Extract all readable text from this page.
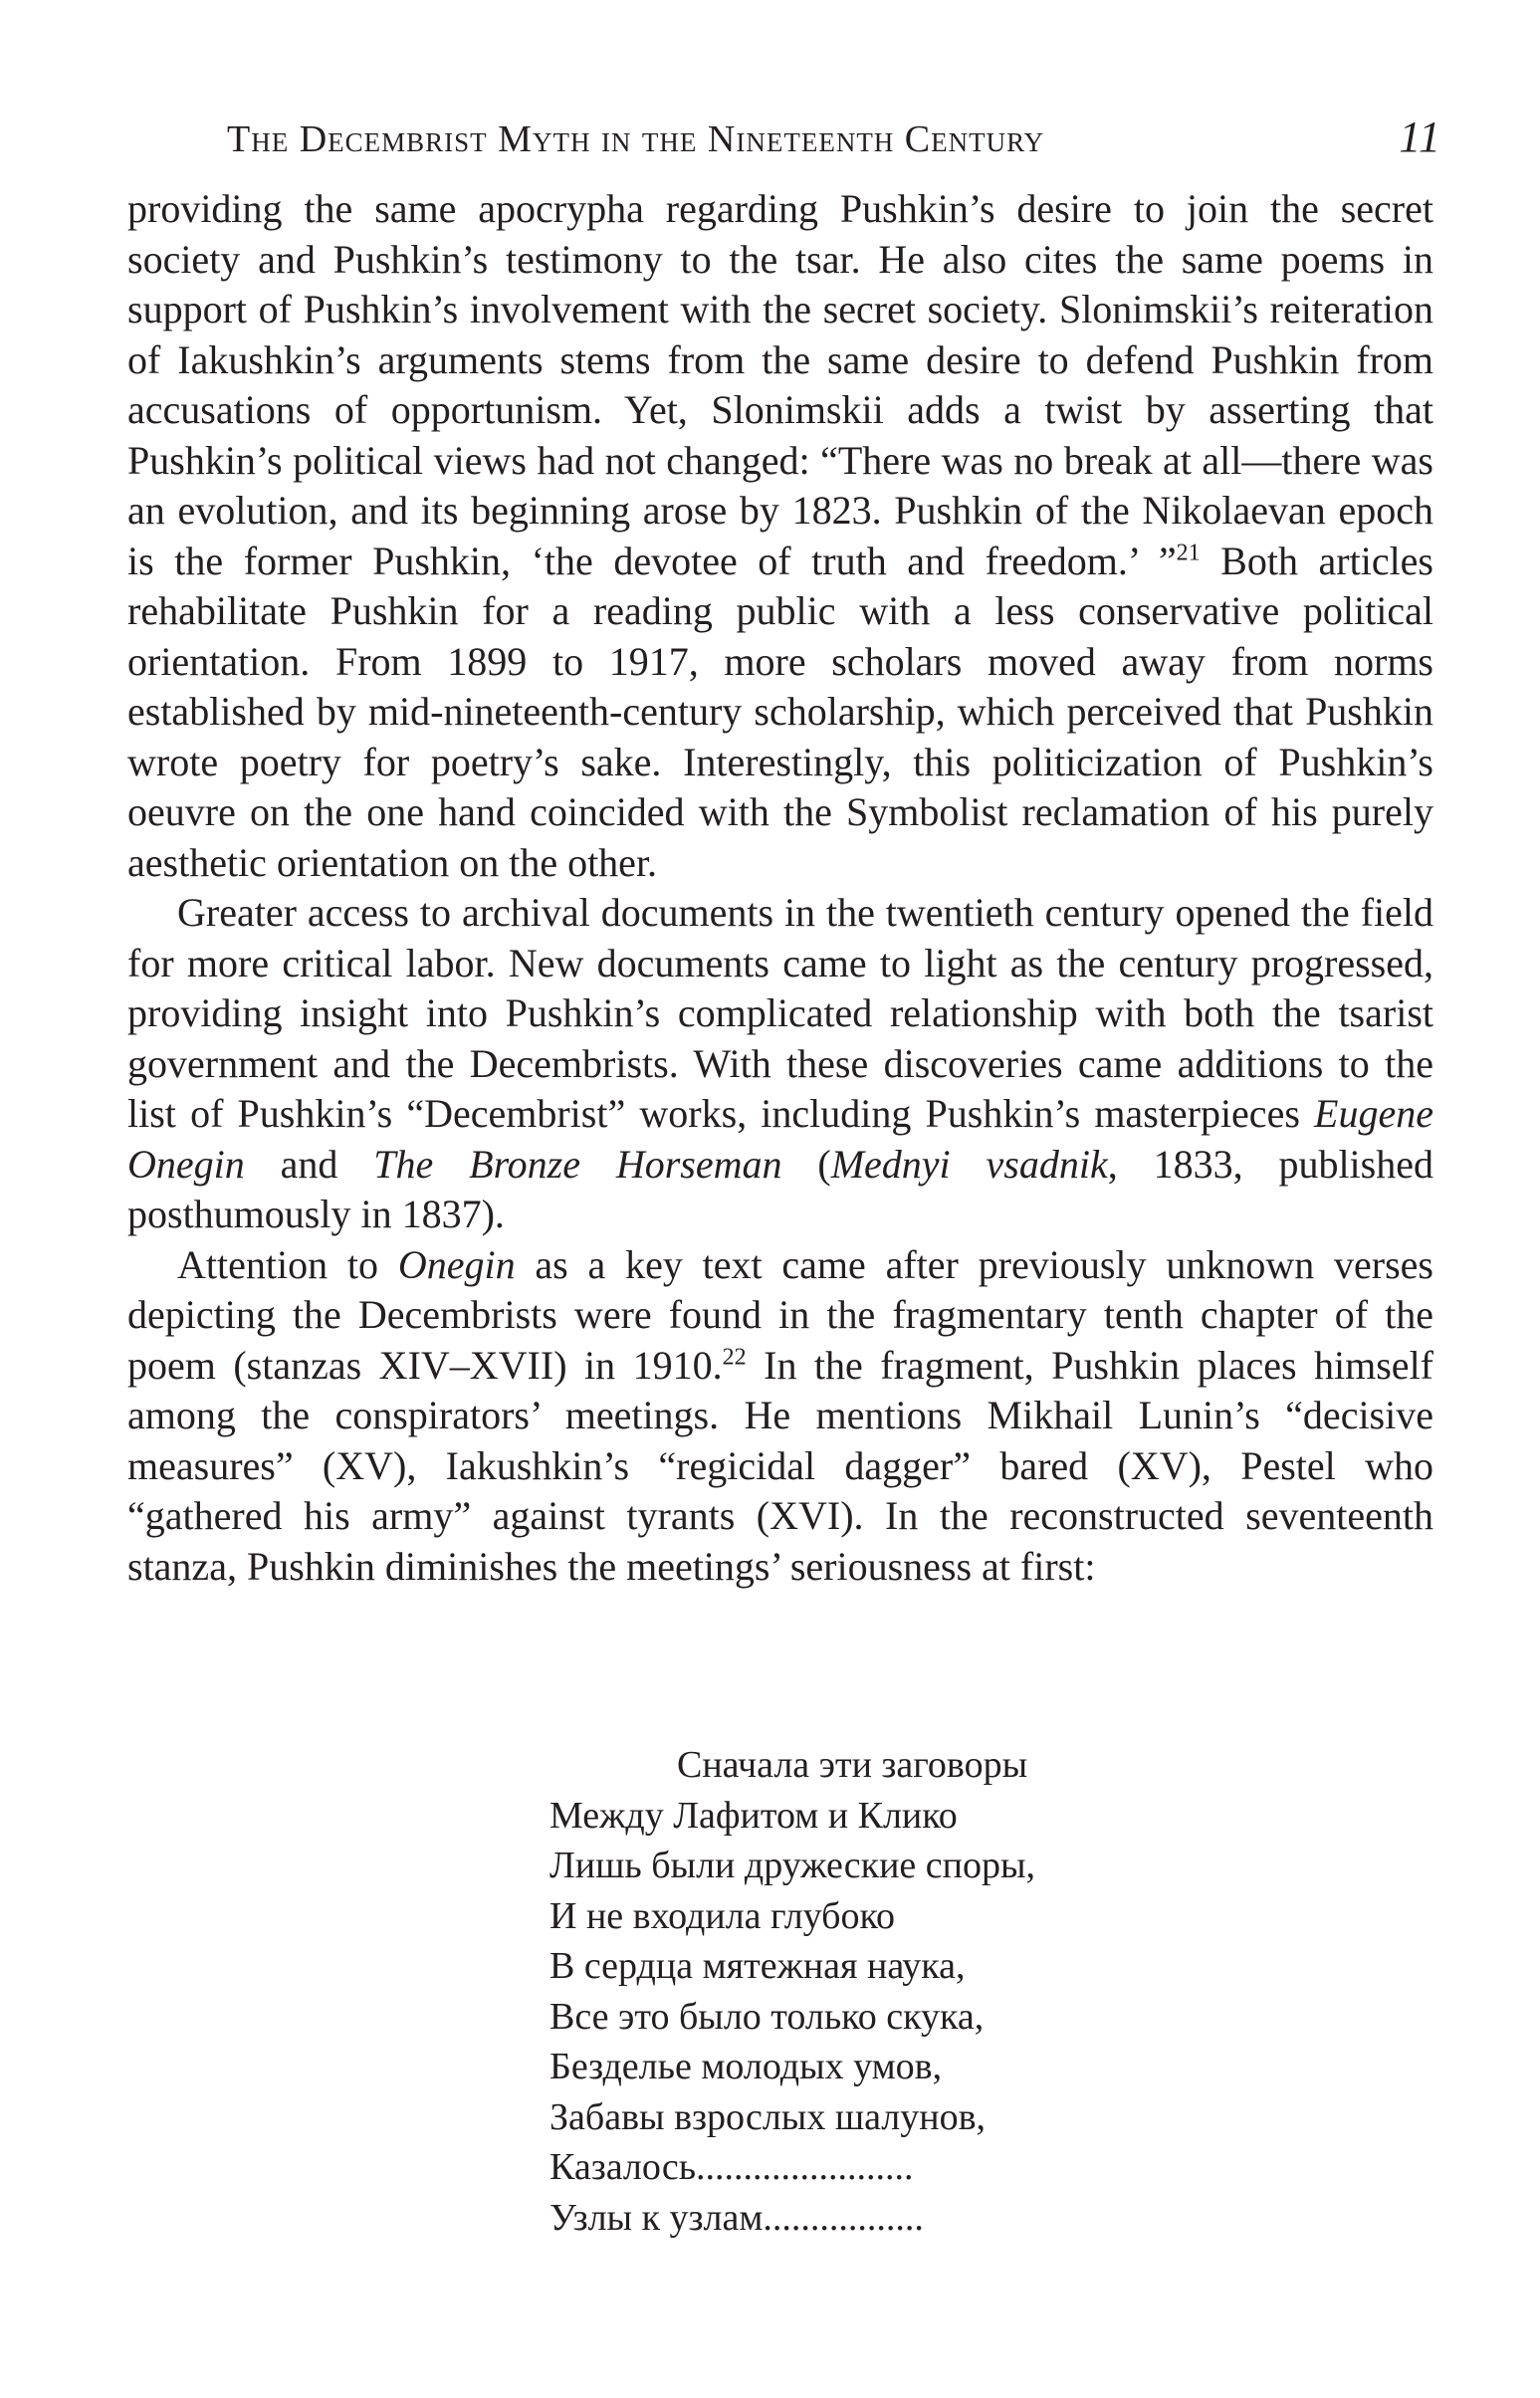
The Decembrist Myth in the Nineteenth Century	11

providing the same apocrypha regarding Pushkin’s desire to join the secret society and Pushkin’s testimony to the tsar. He also cites the same poems in support of Pushkin’s involvement with the secret society. Slonimskii’s reiteration of Iakushkin’s arguments stems from the same desire to defend Pushkin from accusations of opportunism. Yet, Slonimskii adds a twist by asserting that Pushkin’s political views had not changed: “There was no break at all—there was an evolution, and its beginning arose by 1823. Pushkin of the Nikolaevan epoch is the former Pushkin, ‘the devotee of truth and freedom.’ ”$^{21}$ Both articles rehabilitate Pushkin for a reading public with a less conservative political orientation. From 1899 to 1917, more scholars moved away from norms established by mid-nineteenth-century scholarship, which perceived that Pushkin wrote poetry for poetry’s sake. Interestingly, this politicization of Pushkin’s oeuvre on the one hand coincided with the Symbolist reclamation of his purely aesthetic orientation on the other.

Greater access to archival documents in the twentieth century opened the field for more critical labor. New documents came to light as the century progressed, providing insight into Pushkin’s complicated relationship with both the tsarist government and the Decembrists. With these discoveries came additions to the list of Pushkin’s “Decembrist” works, including Pushkin’s masterpieces Eugene Onegin and The Bronze Horseman (Mednyi vsadnik, 1833, published posthumously in 1837).

Attention to Onegin as a key text came after previously unknown verses depicting the Decembrists were found in the fragmentary tenth chapter of the poem (stanzas XIV–XVII) in 1910.22 In the fragment, Pushkin places himself among the conspirators’ meetings. He mentions Mikhail Lunin’s “decisive measures” (XV), Iakushkin’s “regicidal dagger” bared (XV), Pestel who “gathered his army” against tyrants (XVI). In the reconstructed seventeenth stanza, Pushkin diminishes the meetings’ seriousness at first:

Сначала эти заговоры
Между Лафитом и Клико
Лишь были дружеские споры,
И не входила глубоко
В сердца мятежная наука,
Все это было только скука,
Безделье молодых умов,
Забавы взрослых шалунов,
Казалось.......................
Узлы к узлам.................
